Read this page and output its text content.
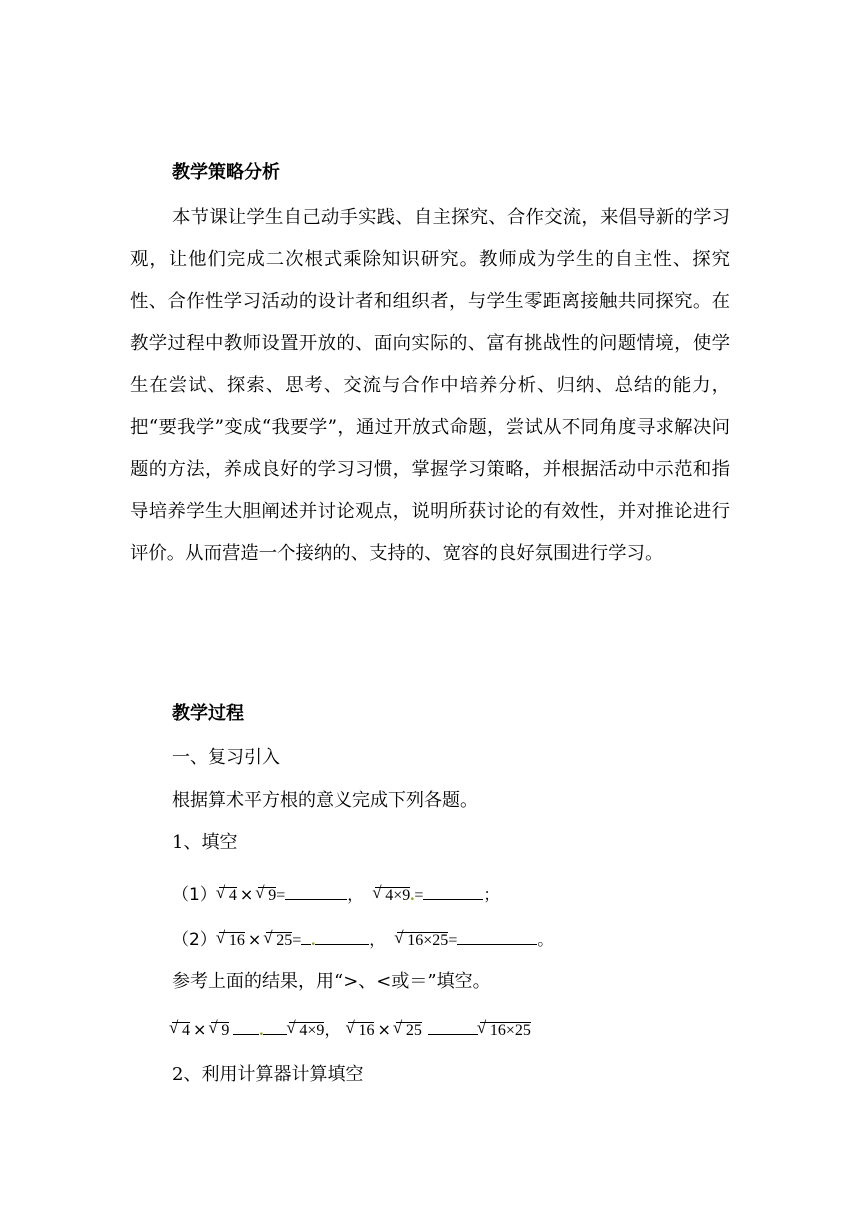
教学策略分析
本节课让学生自己动手实践、自主探究、合作交流，来倡导新的学习观，让他们完成二次根式乘除知识研究。教师成为学生的自主性、探究性、合作性学习活动的设计者和组织者，与学生零距离接触共同探究。在教学过程中教师设置开放的、面向实际的、富有挑战性的问题情境，使学生在尝试、探索、思考、交流与合作中培养分析、归纳、总结的能力，把“要我学”变成“我要学”，通过开放式命题，尝试从不同角度寻求解决问题的方法，养成良好的学习习惯，掌握学习策略，并根据活动中示范和指导培养学生大胆阐述并讨论观点，说明所获讨论的有效性，并对推论进行评价。从而营造一个接纳的、支持的、宽容的良好氛围进行学习。
教学过程
一、复习引入
根据算术平方根的意义完成下列各题。
1、填空
（1） √ 4 × √ 9=	， √ 4×9.=	；
（2） √ 16 × √ 25= .	， √ 16×25=	。
参考上面的结果，用“>、<或＝”填空。
√ 4 × √ 9 . √ 4×9， √ 16 × √ 25	√ 16×25
2、利用计算器计算填空
